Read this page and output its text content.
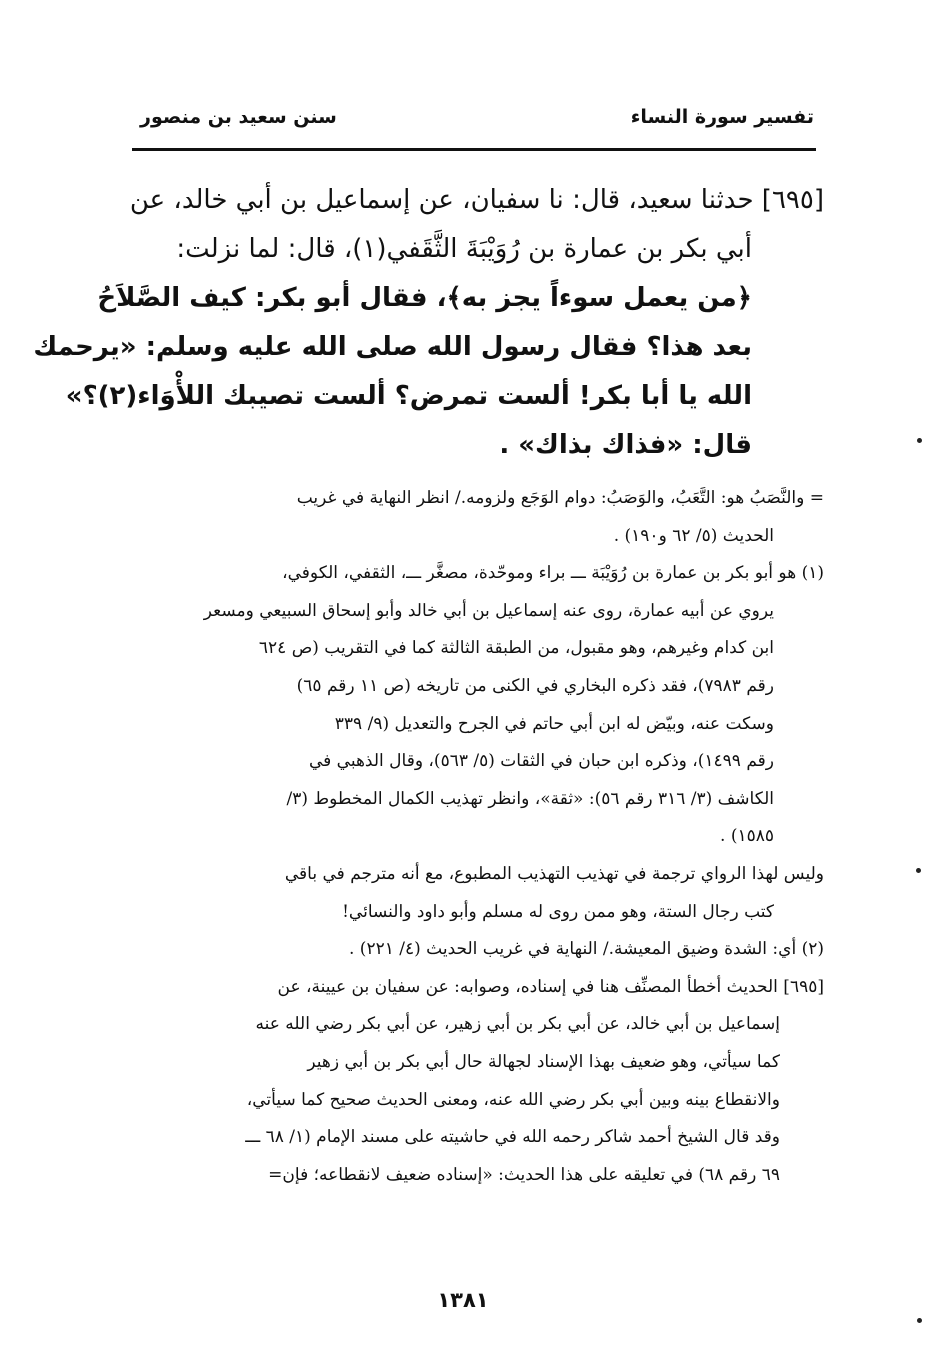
تفسير سورة النساء
سنن سعيد بن منصور
[٦٩٥] حدثنا سعيد، قال: نا سفيان، عن إسماعيل بن أبي خالد، عن
أبي بكر بن عمارة بن رُوَيْبَةَ الثَّقَفي(١)، قال: لما نزلت:
﴿من يعمل سوءاً يجز به﴾، فقال أبو بكر: كيف الصَّلاَحُ
بعد هذا؟ فقال رسول الله صلى الله عليه وسلم: «يرحمك
الله يا أبا بكر! ألست تمرض؟ ألست تصيبك اللأْوَاء(٢)؟»
قال: «فذاك بذاك» .
= والنَّصَبُ هو: التَّعَبُ، والوَصَبُ: دوام الوَجَع ولزومه./ انظر النهاية في غريب
الحديث (٥/ ٦٢ و١٩٠) .
(١) هو أبو بكر بن عمارة بن رُوَيْبَة ـــ براء وموحّدة، مصغَّر ـــ، الثقفي، الكوفي،
يروي عن أبيه عمارة، روى عنه إسماعيل بن أبي خالد وأبو إسحاق السبيعي ومسعر
ابن كدام وغيرهم، وهو مقبول، من الطبقة الثالثة كما في التقريب (ص ٦٢٤
رقم ٧٩٨٣)، فقد ذكره البخاري في الكنى من تاريخه (ص ١١ رقم ٦٥)
وسكت عنه، وبيّض له ابن أبي حاتم في الجرح والتعديل (٩/ ٣٣٩
رقم ١٤٩٩)، وذكره ابن حبان في الثقات (٥/ ٥٦٣)، وقال الذهبي في
الكاشف (٣/ ٣١٦ رقم ٥٦): «ثقة»، وانظر تهذيب الكمال المخطوط (٣/
١٥٨٥) .
وليس لهذا الرواي ترجمة في تهذيب التهذيب المطبوع، مع أنه مترجم في باقي
كتب رجال الستة، وهو ممن روى له مسلم وأبو داود والنسائي!
(٢) أي: الشدة وضيق المعيشة./ النهاية في غريب الحديث (٤/ ٢٢١) .
[٦٩٥] الحديث أخطأ المصنِّف هنا في إسناده، وصوابه: عن سفيان بن عيينة، عن
إسماعيل بن أبي خالد، عن أبي بكر بن أبي زهير، عن أبي بكر رضي الله عنه
كما سيأتي، وهو ضعيف بهذا الإسناد لجهالة حال أبي بكر بن أبي زهير
والانقطاع بينه وبين أبي بكر رضي الله عنه، ومعنى الحديث صحيح كما سيأتي،
وقد قال الشيخ أحمد شاكر رحمه الله في حاشيته على مسند الإمام (١/ ٦٨ ـــ
٦٩ رقم ٦٨) في تعليقه على هذا الحديث: «إسناده ضعيف لانقطاعه؛ فإن=
١٣٨١
